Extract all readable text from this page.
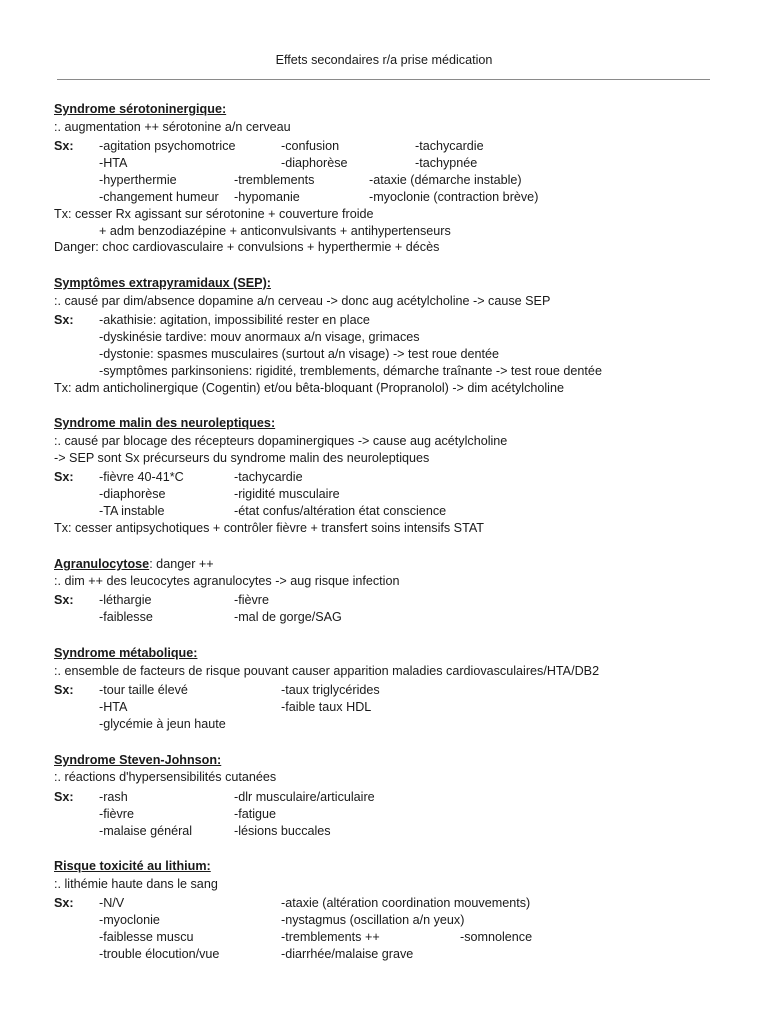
Effets secondaires r/a prise médication
Syndrome sérotoninergique:
:. augmentation ++ sérotonine a/n cerveau
Sx: -agitation psychomotrice	-confusion	-tachycardie
-HTA	-diaphorèse	-tachypnée
-hyperthermie	-tremblements	-ataxie (démarche instable)
-changement humeur -hypomanie	-myoclonie (contraction brève)
Tx: cesser Rx agissant sur sérotonine + couverture froide
+ adm benzodiazépine + anticonvulsivants + antihypertenseurs
Danger: choc cardiovasculaire + convulsions + hyperthermie + décès
Symptômes extrapyramidaux (SEP):
:. causé par dim/absence dopamine a/n cerveau -> donc aug acétylcholine -> cause SEP
Sx: -akathisie: agitation, impossibilité rester en place
-dyskinésie tardive: mouv anormaux a/n visage, grimaces
-dystonie: spasmes musculaires (surtout a/n visage) -> test roue dentée
-symptômes parkinsoniens: rigidité, tremblements, démarche traînante -> test roue dentée
Tx: adm anticholinergique (Cogentin) et/ou bêta-bloquant (Propranolol) -> dim acétylcholine
Syndrome malin des neuroleptiques:
:. causé par blocage des récepteurs dopaminergiques -> cause aug acétylcholine
-> SEP sont Sx précurseurs du syndrome malin des neuroleptiques
Sx: -fièvre 40-41*C	-tachycardie
-diaphorèse	-rigidité musculaire
-TA instable	-état confus/altération état conscience
Tx: cesser antipsychotiques + contrôler fièvre + transfert soins intensifs STAT
Agranulocytose: danger ++
:. dim ++ des leucocytes agranulocytes -> aug risque infection
Sx: -léthargie	-fièvre
-faiblesse	-mal de gorge/SAG
Syndrome métabolique:
:. ensemble de facteurs de risque pouvant causer apparition maladies cardiovasculaires/HTA/DB2
Sx: -tour taille élevé	-taux triglycérides
-HTA	-faible taux HDL
-glycémie à jeun haute
Syndrome Steven-Johnson:
:. réactions d'hypersensibilités cutanées
Sx: -rash	-dlr musculaire/articulaire
-fièvre	-fatigue
-malaise général	-lésions buccales
Risque toxicité au lithium:
:. lithémie haute dans le sang
Sx: -N/V	-ataxie (altération coordination mouvements)
-myoclonie	-nystagmus (oscillation a/n yeux)
-faiblesse muscu	-tremblements ++	-somnolence
-trouble élocution/vue	-diarrhée/malaise grave
